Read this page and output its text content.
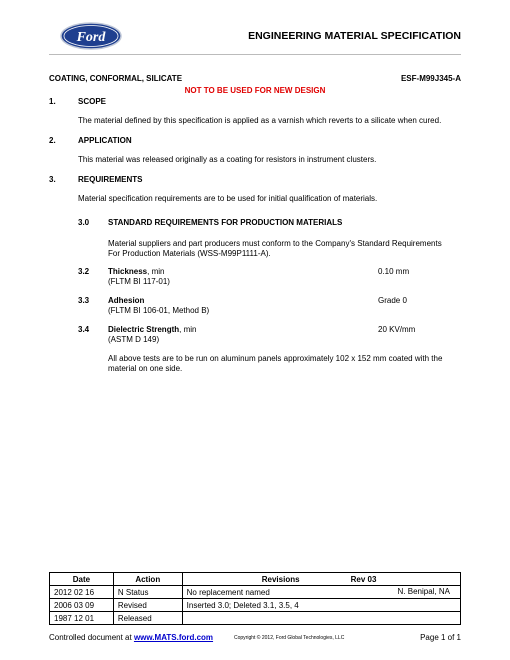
Ford	ENGINEERING MATERIAL SPECIFICATION
COATING, CONFORMAL, SILICATE	ESF-M99J345-A
NOT TO BE USED FOR NEW DESIGN
1.	SCOPE
The material defined by this specification is applied as a varnish which reverts to a silicate when cured.
2.	APPLICATION
This material was released originally as a coating for resistors in instrument clusters.
3.	REQUIREMENTS
Material specification requirements are to be used for initial qualification of materials.
3.0 STANDARD REQUIREMENTS FOR PRODUCTION MATERIALS
Material suppliers and part producers must conform to the Company's Standard Requirements
For Production Materials (WSS-M99P1111-A).
3.2 Thickness, min
(FLTM BI 117-01)
0.10 mm
3.3 Adhesion
(FLTM BI 106-01, Method B)
Grade 0
3.4 Dielectric Strength, min
(ASTM D 149)
20 KV/mm
All above tests are to be run on aluminum panels approximately 102 x 152 mm coated with the
material on one side.
Date	Action	Revisions Rev 03
2012 02 16	N Status	No replacement named N. Benipal, NA

2006 03 09	Revised	Inserted 3.0; Deleted 3.1, 3.5, 4
1987 12 01	Released	
Controlled document at www.MATS.ford.com	Copyright © 2012, Ford Global Technologies, LLC	Page 1 of 1
